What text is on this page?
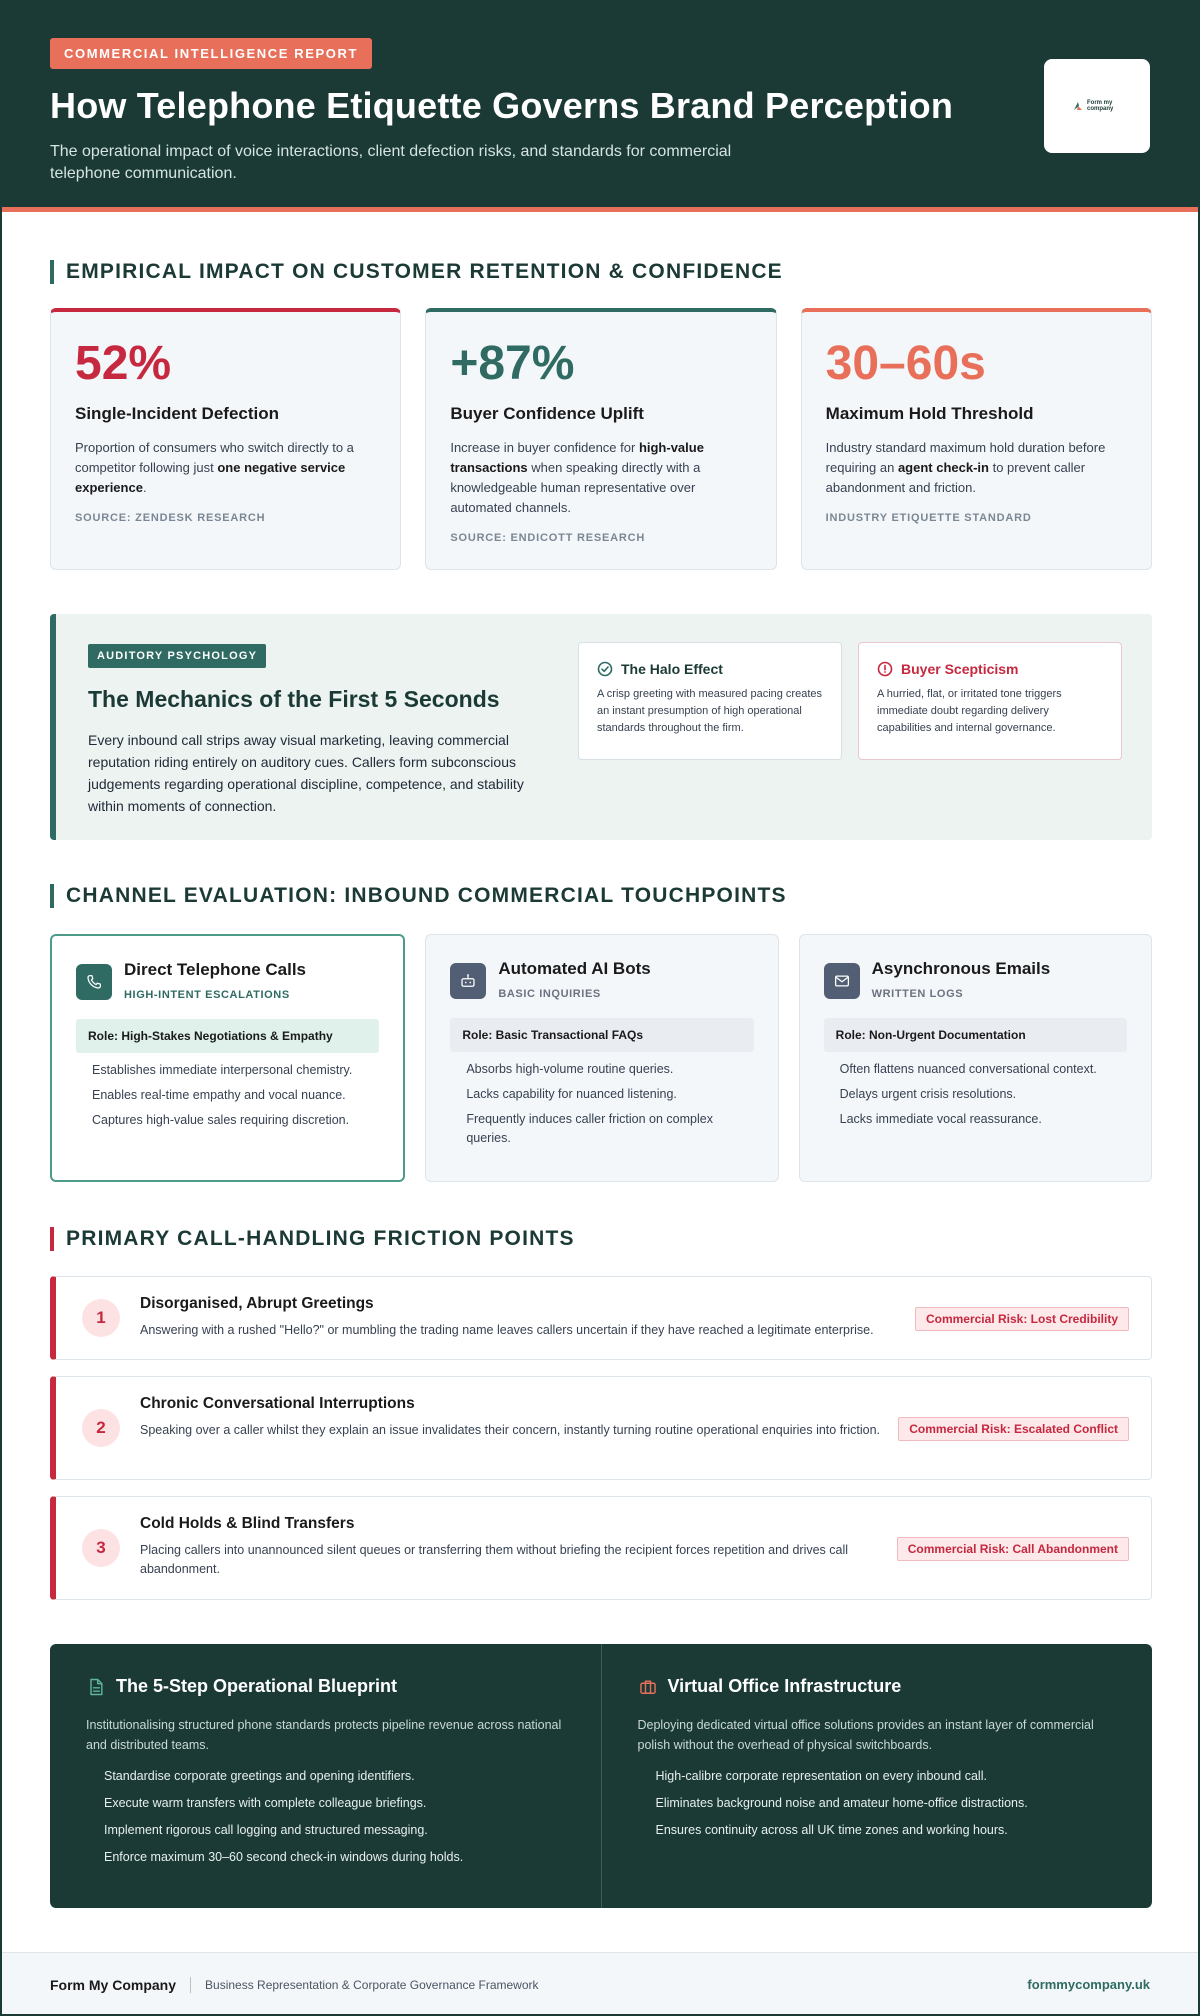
COMMERCIAL INTELLIGENCE REPORT
How Telephone Etiquette Governs Brand Perception

The operational impact of voice interactions, client defection risks, and standards for commercial telephone communication.

Form my company
EMPIRICAL IMPACT ON CUSTOMER RETENTION & CONFIDENCE
52%
Single-Incident Defection
Proportion of consumers who switch directly to a competitor following just one negative service experience.
SOURCE: ZENDESK RESEARCH
+87%
Buyer Confidence Uplift
Increase in buyer confidence for high-value transactions when speaking directly with a knowledgeable human representative over automated channels.
SOURCE: ENDICOTT RESEARCH
30–60s
Maximum Hold Threshold
Industry standard maximum hold duration before requiring an agent check-in to prevent caller abandonment and friction.
INDUSTRY ETIQUETTE STANDARD
AUDITORY PSYCHOLOGY
The Mechanics of the First 5 Seconds

Every inbound call strips away visual marketing, leaving commercial reputation riding entirely on auditory cues. Callers form subconscious judgements regarding operational discipline, competence, and stability within moments of connection.

The Halo Effect

A crisp greeting with measured pacing creates an instant presumption of high operational standards throughout the firm.

Buyer Scepticism

A hurried, flat, or irritated tone triggers immediate doubt regarding delivery capabilities and internal governance.

CHANNEL EVALUATION: INBOUND COMMERCIAL TOUCHPOINTS
Direct Telephone Calls
HIGH-INTENT ESCALATIONS
Role: High-Stakes Negotiations & Empathy
Establishes immediate interpersonal chemistry.
Enables real-time empathy and vocal nuance.
Captures high-value sales requiring discretion.
Automated AI Bots
BASIC INQUIRIES
Role: Basic Transactional FAQs
Absorbs high-volume routine queries.
Lacks capability for nuanced listening.
Frequently induces caller friction on complex queries.
Asynchronous Emails
WRITTEN LOGS
Role: Non-Urgent Documentation
Often flattens nuanced conversational context.
Delays urgent crisis resolutions.
Lacks immediate vocal reassurance.
PRIMARY CALL-HANDLING FRICTION POINTS
1
Disorganised, Abrupt Greetings
Answering with a rushed "Hello?" or mumbling the trading name leaves callers uncertain if they have reached a legitimate enterprise.
Commercial Risk: Lost Credibility
2
Chronic Conversational Interruptions
Speaking over a caller whilst they explain an issue invalidates their concern, instantly turning routine operational enquiries into friction.	Commercial Risk: Escalated Conflict
3
Cold Holds & Blind Transfers
Placing callers into unannounced silent queues or transferring them without briefing the recipient forces repetition and drives call abandonment.
Commercial Risk: Call Abandonment
The 5-Step Operational Blueprint

Institutionalising structured phone standards protects pipeline revenue across national and distributed teams.

Standardise corporate greetings and opening identifiers.
Execute warm transfers with complete colleague briefings.
Implement rigorous call logging and structured messaging.
Enforce maximum 30–60 second check-in windows during holds.
Virtual Office Infrastructure

Deploying dedicated virtual office solutions provides an instant layer of commercial polish without the overhead of physical switchboards.

High-calibre corporate representation on every inbound call.
Eliminates background noise and amateur home-office distractions.
Ensures continuity across all UK time zones and working hours.
Form My Company Business Representation & Corporate Governance Framework	formmycompany.uk
